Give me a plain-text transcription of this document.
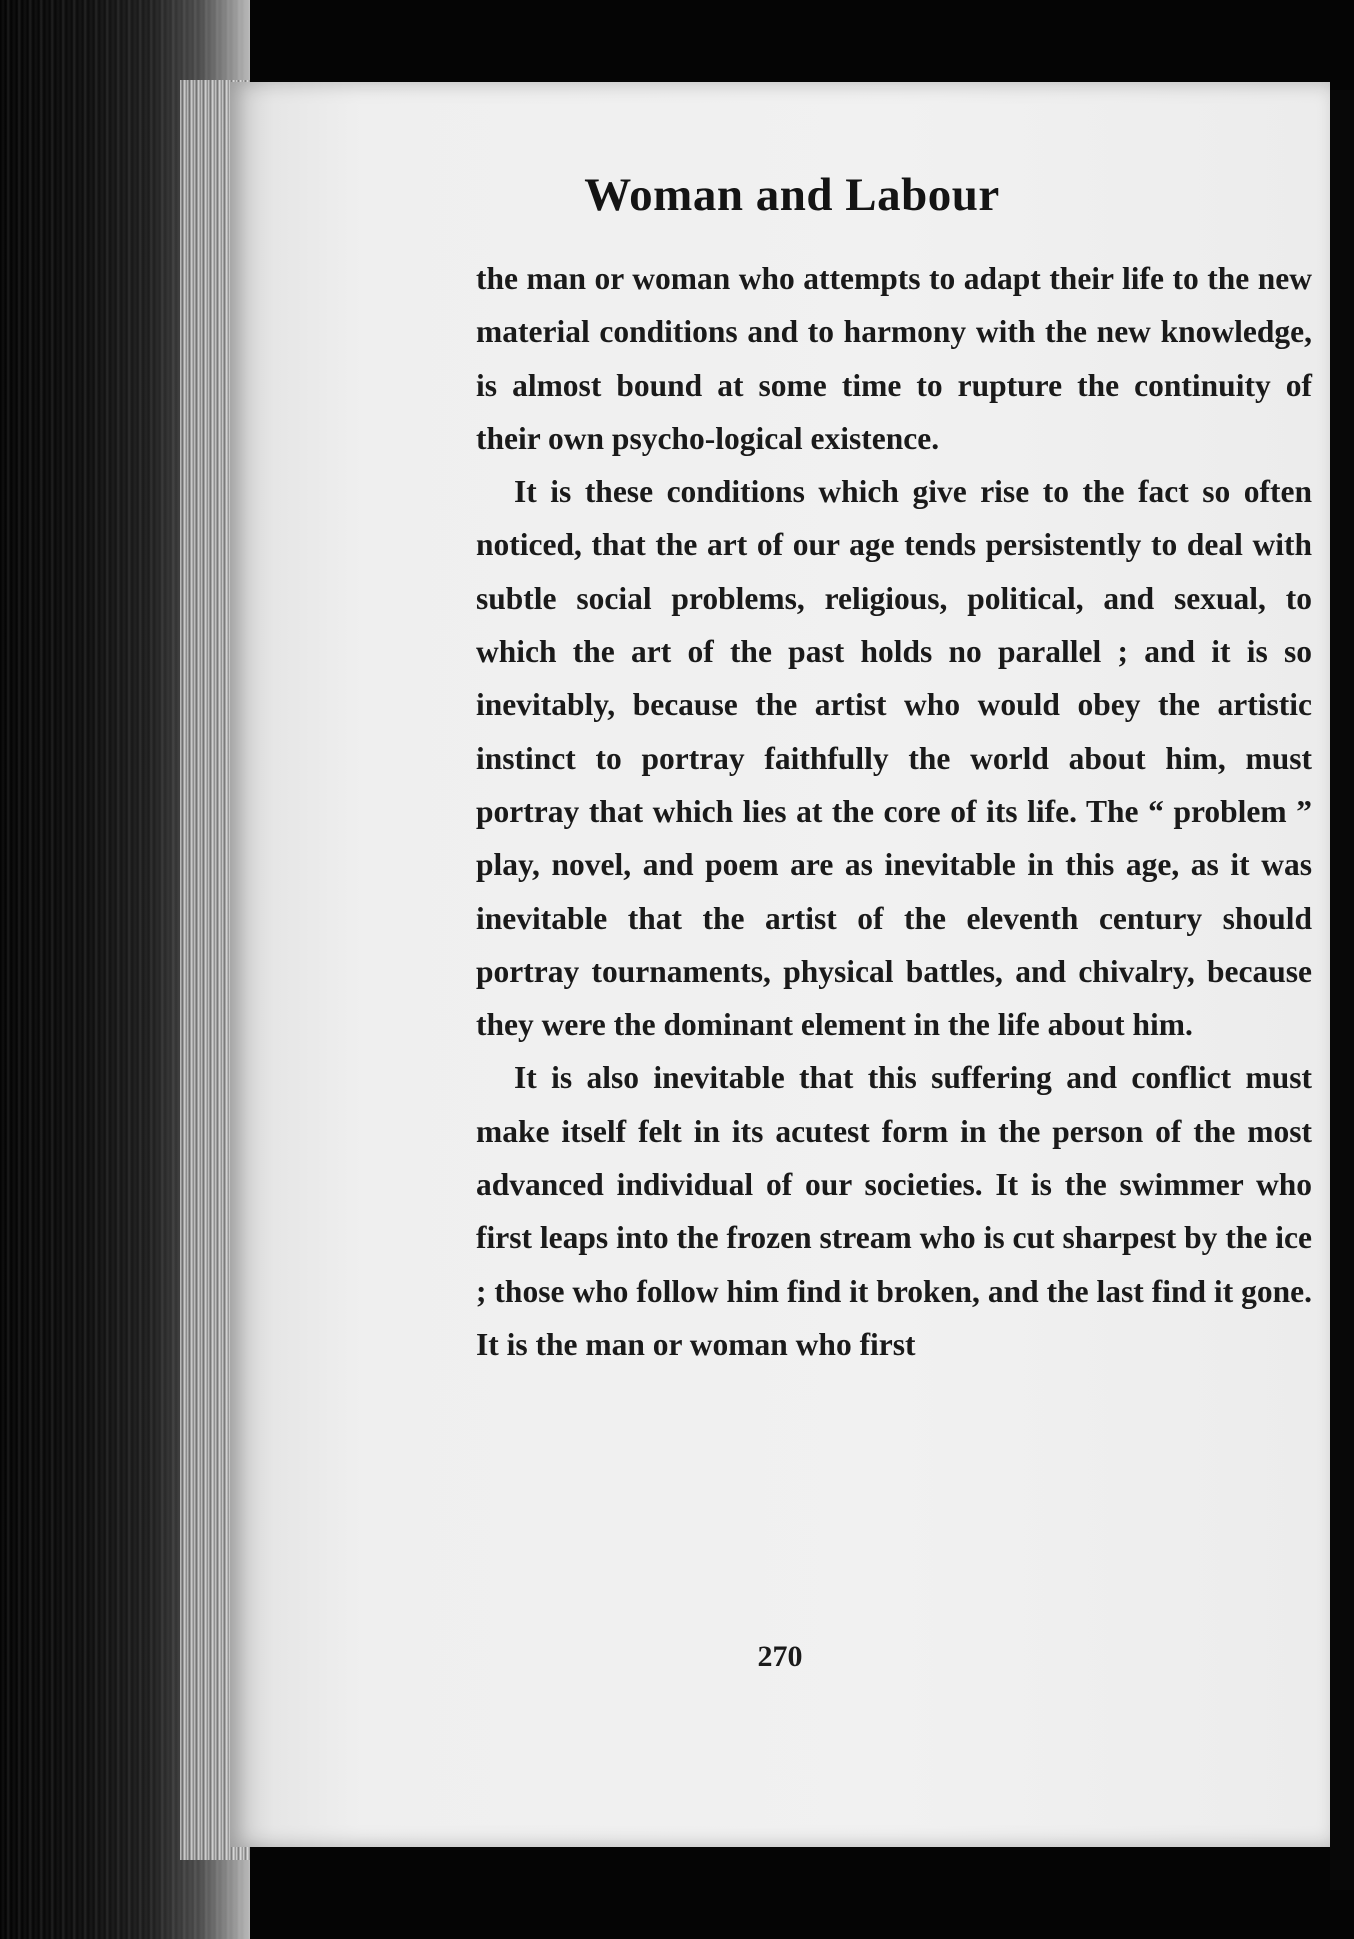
Woman and Labour

the man or woman who attempts to adapt their life to the new material conditions and to harmony with the new knowledge, is almost bound at some time to rupture the continuity of their own psycho-logical existence.

It is these conditions which give rise to the fact so often noticed, that the art of our age tends persistently to deal with subtle social problems, religious, political, and sexual, to which the art of the past holds no parallel ; and it is so inevitably, because the artist who would obey the artistic instinct to portray faithfully the world about him, must portray that which lies at the core of its life. The “ problem ” play, novel, and poem are as inevitable in this age, as it was inevitable that the artist of the eleventh century should portray tournaments, physical battles, and chivalry, because they were the dominant element in the life about him.

It is also inevitable that this suffering and conflict must make itself felt in its acutest form in the person of the most advanced individual of our societies. It is the swimmer who first leaps into the frozen stream who is cut sharpest by the ice ; those who follow him find it broken, and the last find it gone. It is the man or woman who first

270
